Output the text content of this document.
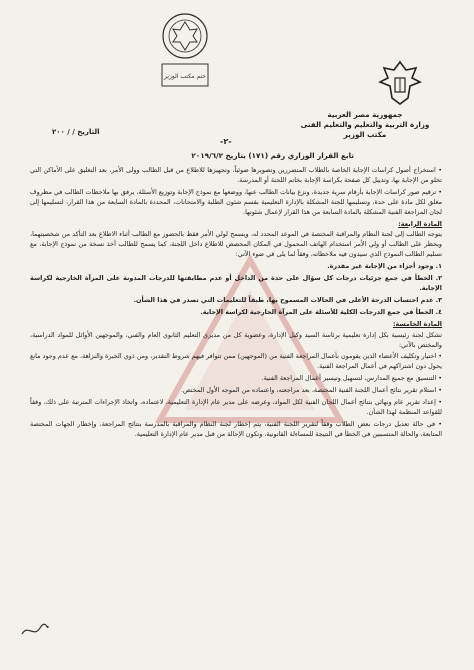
ختم مكتب الوزير
جمهورية مصر العربية
وزارة التربية والتعليم والتعليم الفنى
مكتب الوزير
التاريخ / / ٢٠٠
-٢-
تابع القرار الوزاري رقم (١٧١) بتاريخ ٢٠١٩/٦/٢

• استخراج أصول كراسات الإجابة الخاصة بالطلاب المتضررين وتصويرها ضوئياً، وتجهيزها للاطلاع من قبل الطالب وولى الأمر، بعد التغليق على الأماكن التي تخلو من الإجابة بها، وتذييل كل صفحة بكراسة الإجابة بخاتم اللجنة أو المدرسة.

• ترقيم صور كراسات الإجابة بأرقام سرية جديدة، ونزع بيانات الطالب عنها، ووضعها مع نموذج الإجابة وتوزيع الأسئلة، يرفق بها ملاحظات الطالب في مظروف مغلق لكل مادة على حدة، وتسليمها للجنة المشكلة بالإدارة التعليمية بقسم شئون الطلبة والامتحانات، المحددة بالمادة السابعة من هذا القرار، لتسليمها إلى لجان المراجعة الفنية المشكلة بالمادة السابعة من هذا القرار لإعمال شئونها.

المادة الرابعة:

يتوجه الطالب إلى لجنة النظام والمراقبة المختصة في الموعد المحدد له، ويسمح لولي الأمر فقط بالحضور مع الطالب أثناء الاطلاع بعد التأكد من شخصيتهما، ويحظر على الطالب أو ولي الأمر استخدام الهاتف المحمول في المكان المخصص للاطلاع داخل اللجنة، كما يسمح للطالب أخذ نسخة من نموذج الإجابة، مع تسليم الطالب النموذج الذي سيدون فيه ملاحظاته، وفقاً لما يلى في ضوء الآتي:

١. وجود أجزاء من الإجابة غير مقدرة.

٢. الخطأ في جمع جزئيات درجات كل سؤال على حدة من الداخل أو عدم مطابقتها للدرجات المدونة على المرآة الخارجية لكراسة الإجابة.

٣. عدم احتساب الدرجة الأعلى في الحالات المسموح بها، طبقاً للتعليمات التي تصدر في هذا الشأن.

٤. الخطأ في جمع الدرجات الكلية للأسئلة على المرآة الخارجية لكراسة الإجابة.

المادة الخامسة:

تشكل لجنة رئيسية بكل إدارة تعليمية برئاسة السيد وكيل الإدارة، وعضوية كل من مديري التعليم الثانوي العام والفني، والموجهين الأوائل للمواد الدراسية، والمختص بالآتي:

• اختيار وتكليف الأعضاء الذين يقومون بأعمال المراجعة الفنية من (الموجهين) ممن تتوافر فيهم شروط التقدير، ومن ذوي الخبرة والنزاهة، مع عدم وجود مانع يحول دون اشتراكهم في أعمال المراجعة الفنية.

• التنسيق مع جميع المدارس، لتسهيل وتيسير أعمال المراجعة الفنية.

• استلام تقرير نتائج أعمال اللجنة الفنية المختصة، بعد مراجعته، واعتماده من الموجه الأول المختص.

• إعداد تقرير عام ونهائي بنتائج أعمال اللجان الفنية لكل المواد، وعرضه على مدير عام الإدارة التعليمية، لاعتماده، واتخاذ الإجراءات المترتبة على ذلك، وفقاً للقواعد المنظمة لهذا الشأن.

• في حالة تعديل درجات بعض الطلاب وفقاً لتقرير اللجنة الفنية، يتم إخطار لجنة النظام والمراقبة بالمدرسة بنتائج المراجعة، وإخطار الجهات المختصة المتابعة، والحالة المتسببين في الخطأ في النتيجة للمساءلة القانونية، وتكون الإحالة من قبل مدير عام الإدارة التعليمية.
